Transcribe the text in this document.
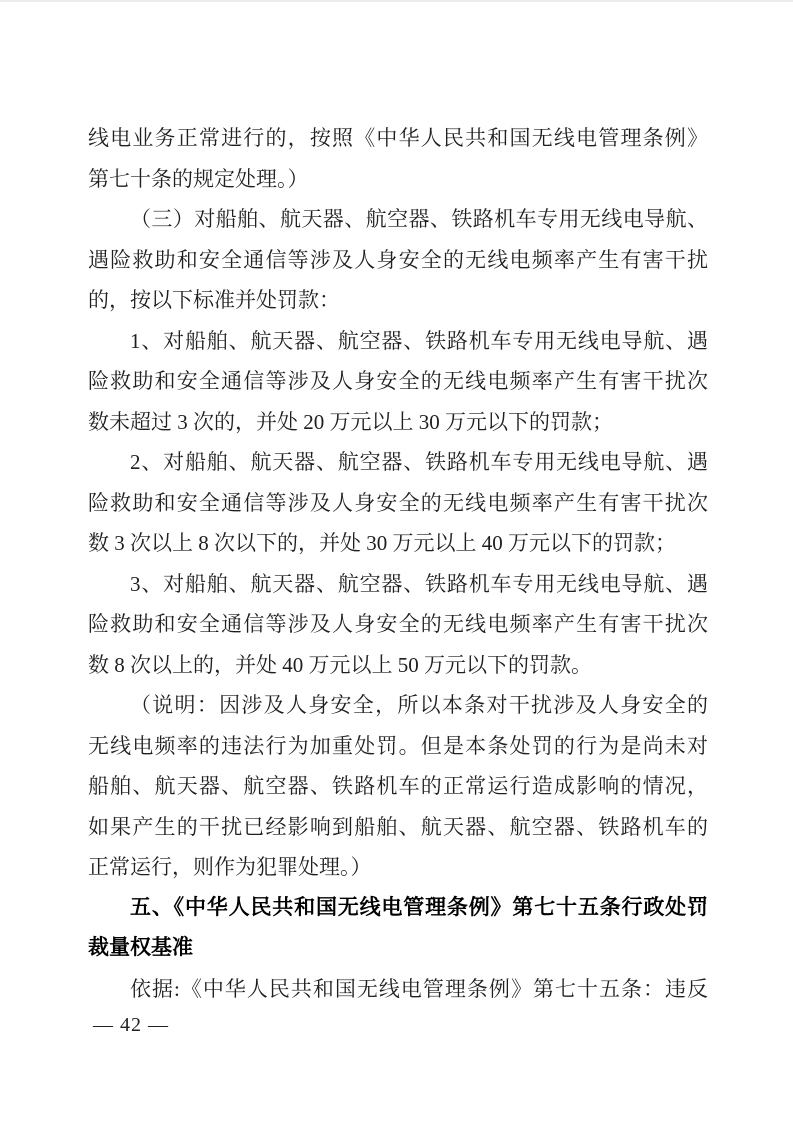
线电业务正常进行的，按照《中华人民共和国无线电管理条例》
第七十条的规定处理。）
（三）对船舶、航天器、航空器、铁路机车专用无线电导航、
遇险救助和安全通信等涉及人身安全的无线电频率产生有害干扰
的，按以下标准并处罚款：
1、对船舶、航天器、航空器、铁路机车专用无线电导航、遇
险救助和安全通信等涉及人身安全的无线电频率产生有害干扰次
数未超过 3 次的，并处 20 万元以上 30 万元以下的罚款；
2、对船舶、航天器、航空器、铁路机车专用无线电导航、遇
险救助和安全通信等涉及人身安全的无线电频率产生有害干扰次
数 3 次以上 8 次以下的，并处 30 万元以上 40 万元以下的罚款；
3、对船舶、航天器、航空器、铁路机车专用无线电导航、遇
险救助和安全通信等涉及人身安全的无线电频率产生有害干扰次
数 8 次以上的，并处 40 万元以上 50 万元以下的罚款。
（说明：因涉及人身安全，所以本条对干扰涉及人身安全的
无线电频率的违法行为加重处罚。但是本条处罚的行为是尚未对
船舶、航天器、航空器、铁路机车的正常运行造成影响的情况，
如果产生的干扰已经影响到船舶、航天器、航空器、铁路机车的
正常运行，则作为犯罪处理。）
五、《中华人民共和国无线电管理条例》第七十五条行政处罚
裁量权基准
依据:《中华人民共和国无线电管理条例》第七十五条：违反
— 42 —
